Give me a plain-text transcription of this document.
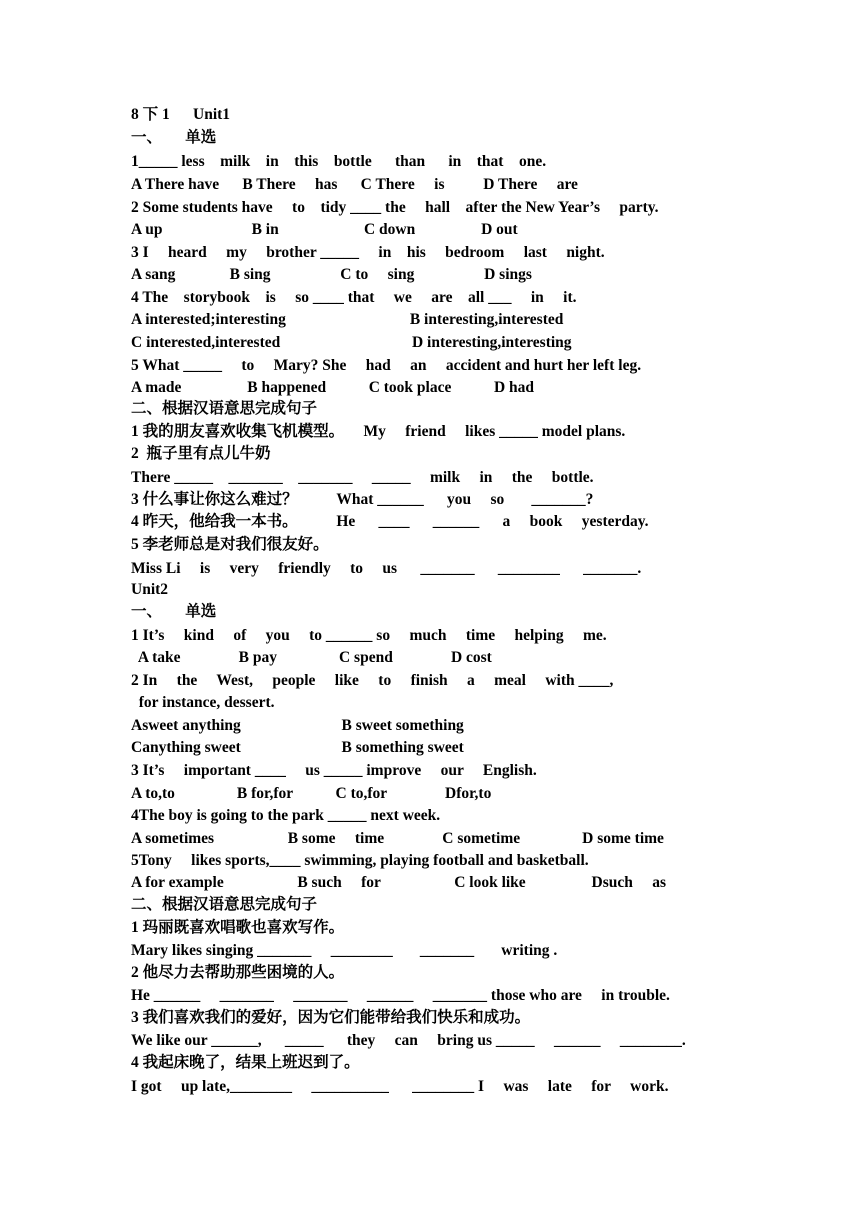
8 下 1      Unit1
一、      单选
1_____ less    milk    in    this    bottle      than      in    that    one.
A There have      B There     has      C There     is          D There     are
2 Some students have     to    tidy ____ the     hall    after the New Year’s     party.
A up                       B in                      C down                 D out
3 I     heard     my     brother _____     in    his     bedroom     last     night.
A sang              B sing                  C to     sing                  D sings
4 The    storybook    is     so ____ that     we     are    all ___     in     it.
A interested;interesting                                B interesting,interested
C interested,interested                                  D interesting,interesting
5 What _____     to     Mary? She     had     an     accident and hurt her left leg.
A made                 B happened           C took place           D had
二、根据汉语意思完成句子
1 我的朋友喜欢收集飞机模型。     My     friend     likes _____ model plans.
2  瓶子里有点儿牛奶
There _____    _______    _______     _____     milk     in     the     bottle.
3 什么事让你这么难过？          What ______      you     so       _______?
4 昨天，他给我一本书。          He      ____      ______      a     book     yesterday.
5 李老师总是对我们很友好。
Miss Li     is     very     friendly     to     us      _______      ________      _______.
Unit2
一、      单选
1 It’s     kind     of     you     to ______ so     much     time     helping     me.
A take               B pay                C spend               D cost
2 In     the     West,     people     like     to     finish     a     meal     with ____,
for instance, dessert.
Asweet anything                          B sweet something
Canything sweet                          B something sweet
3 It’s     important ____     us _____ improve     our     English.
A to,to                B for,for           C to,for               Dfor,to
4The boy is going to the park _____ next week.
A sometimes                   B some     time               C sometime                D some time
5Tony     likes sports,____ swimming, playing football and basketball.
A for example                   B such     for                   C look like                 Dsuch     as
二、根据汉语意思完成句子
1 玛丽既喜欢唱歌也喜欢写作。
Mary likes singing _______     ________       _______       writing .
2 他尽力去帮助那些困境的人。
He ______     _______     _______     ______     _______ those who are     in trouble.
3 我们喜欢我们的爱好，因为它们能带给我们快乐和成功。
We like our ______,      _____      they     can     bring us _____     ______     ________.
4 我起床晚了，结果上班迟到了。
I got     up late,________     __________      ________ I     was     late     for     work.
